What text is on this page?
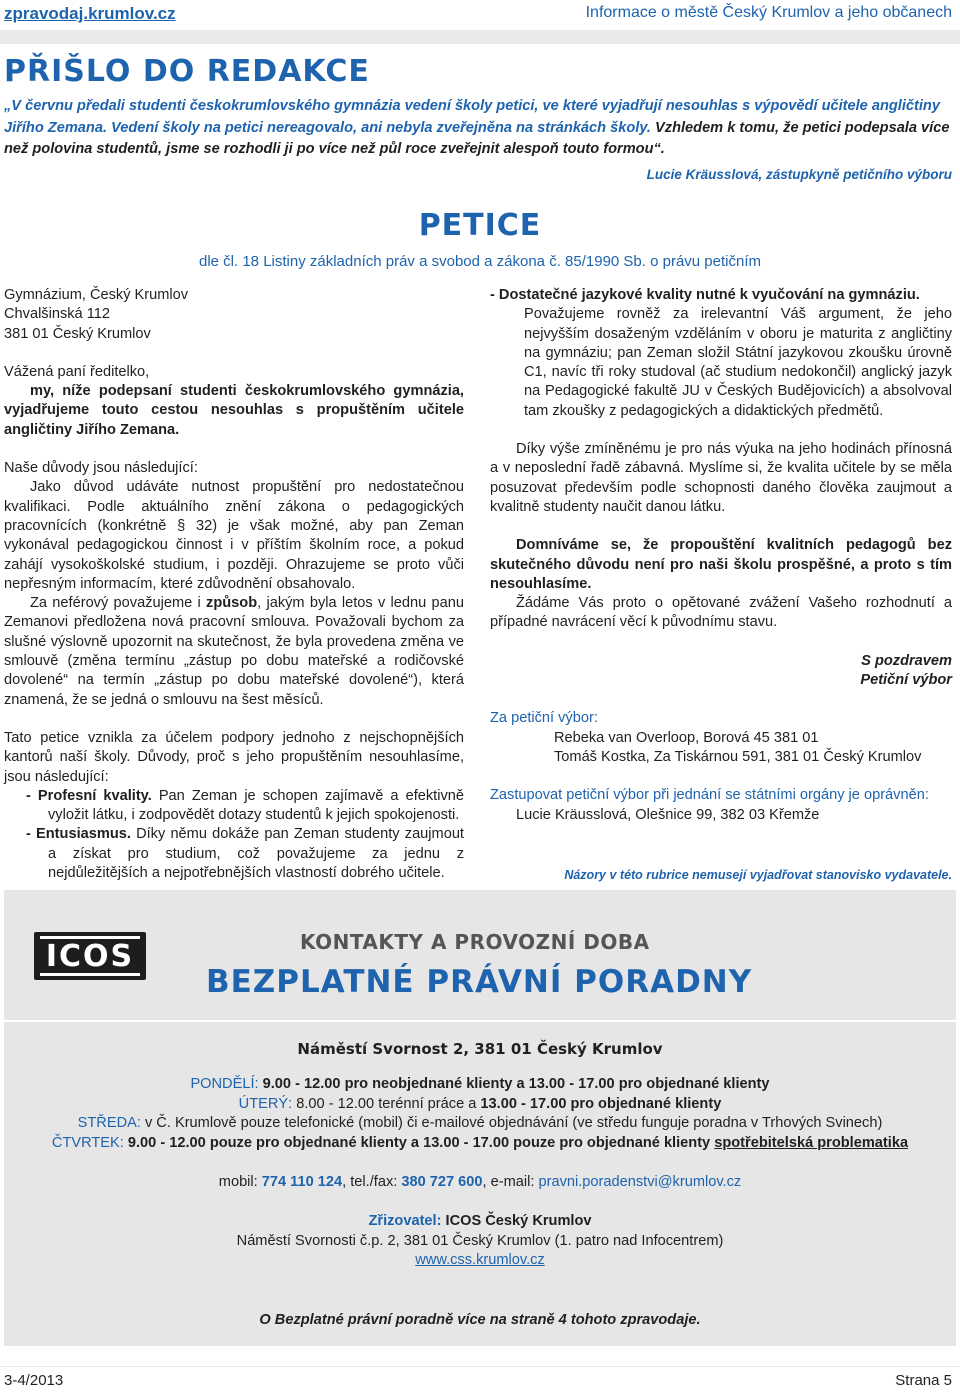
zpravodaj.krumlov.cz	Informace o městě Český Krumlov a jeho občanech
PŘIŠLO DO REDAKCE
„V červnu předali studenti českokrumlovského gymnázia vedení školy petici, ve které vyjadřují nesouhlas s výpovědí učitele angličtiny Jiřího Zemana. Vedení školy na petici nereagovalo, ani nebyla zveřejněna na stránkách školy. Vzhledem k tomu, že petici podepsala více než polovina studentů, jsme se rozhodli ji po více než půl roce zveřejnit alespoň touto formou“.
Lucie Kräusslová, zástupkyně petičního výboru
PETICE
dle čl. 18 Listiny základních práv a svobod a zákona č. 85/1990 Sb. o právu petičním

Gymnázium, Český Krumlov

Chvalšinská 112

381 01 Český Krumlov

Vážená paní ředitelko,

my, níže podepsaní studenti českokrumlovského gymnázia, vyjadřujeme touto cestou nesouhlas s propuštěním učitele angličtiny Jiřího Zemana.

Naše důvody jsou následující:

Jako důvod udáváte nutnost propuštění pro nedostatečnou kvalifikaci. Podle aktuálního znění zákona o pedagogických pracovnících (konkrétně § 32) je však možné, aby pan Zeman vykonával pedagogickou činnost i v příštím školním roce, a pokud zahájí vysokoškolské studium, i později. Ohrazujeme se proto vůči nepřesným informacím, které zdůvodnění obsahovalo.

Za neférový považujeme i způsob, jakým byla letos v lednu panu Zemanovi předložena nová pracovní smlouva. Považovali bychom za slušné výslovně upozornit na skutečnost, že byla provedena změna ve smlouvě (změna termínu „zástup po dobu mateřské a rodičovské dovolené“ na termín „zástup po dobu mateřské dovolené“), která znamená, že se jedná o smlouvu na šest měsíců.

Tato petice vznikla za účelem podpory jednoho z nejschopnějších kantorů naší školy. Důvody, proč s jeho propuštěním nesouhlasíme, jsou následující:

- Profesní kvality. Pan Zeman je schopen zajímavě a efektivně vyložit látku, i zodpovědět dotazy studentů k jejich spokojenosti.

- Entusiasmus. Díky němu dokáže pan Zeman studenty zaujmout a získat pro studium, což považujeme za jednu z nejdůležitějších a nejpotřebnějších vlastností dobrého učitele.

- Dostatečné jazykové kvality nutné k vyučování na gymnáziu.

Považujeme rovněž za irelevantní Váš argument, že jeho nejvyšším dosaženým vzděláním v oboru je maturita z angličtiny na gymnáziu; pan Zeman složil Státní jazykovou zkoušku úrovně C1, navíc tři roky studoval (ač studium nedokončil) anglický jazyk na Pedagogické fakultě JU v Českých Budějovicích) a absolvoval tam zkoušky z pedagogických a didaktických předmětů.

Díky výše zmíněnému je pro nás výuka na jeho hodinách přínosná a v neposlední řadě zábavná. Myslíme si, že kvalita učitele by se měla posuzovat především podle schopnosti daného člověka zaujmout a kvalitně studenty naučit danou látku.

Domníváme se, že propouštění kvalitních pedagogů bez skutečného důvodu není pro naši školu prospěšné, a proto s tím nesouhlasíme.

Žádáme Vás proto o opětované zvážení Vašeho rozhodnutí a případné navrácení věcí k původnímu stavu.

S pozdravem

Petiční výbor

Za petiční výbor:

Rebeka van Overloop, Borová 45 381 01

Tomáš Kostka, Za Tiskárnou 591, 381 01 Český Krumlov

Zastupovat petiční výbor při jednání se státními orgány je oprávněn:

Lucie Kräusslová, Olešnice 99, 382 03 Křemže

Názory v této rubrice nemusejí vyjadřovat stanovisko vydavatele.
ICOS	KONTAKTY A PROVOZNÍ DOBA
BEZPLATNÉ PRÁVNÍ PORADNY
Náměstí Svornost 2, 381 01 Český Krumlov
PONDĚLÍ: 9.00 - 12.00 pro neobjednané klienty a 13.00 - 17.00 pro objednané klienty
ÚTERÝ: 8.00 - 12.00 terénní práce a 13.00 - 17.00 pro objednané klienty
STŘEDA: v Č. Krumlově pouze telefonické (mobil) či e-mailové objednávání (ve středu funguje poradna v Trhových Svinech)
ČTVRTEK: 9.00 - 12.00 pouze pro objednané klienty a 13.00 - 17.00 pouze pro objednané klienty spotřebitelská problematika
mobil: 774 110 124, tel./fax: 380 727 600, e-mail: pravni.poradenstvi@krumlov.cz
Zřizovatel: ICOS Český Krumlov
Náměstí Svornosti č.p. 2, 381 01 Český Krumlov (1. patro nad Infocentrem)
www.css.krumlov.cz
O Bezplatné právní poradně více na straně 4 tohoto zpravodaje.
3-4/2013	Strana 5
